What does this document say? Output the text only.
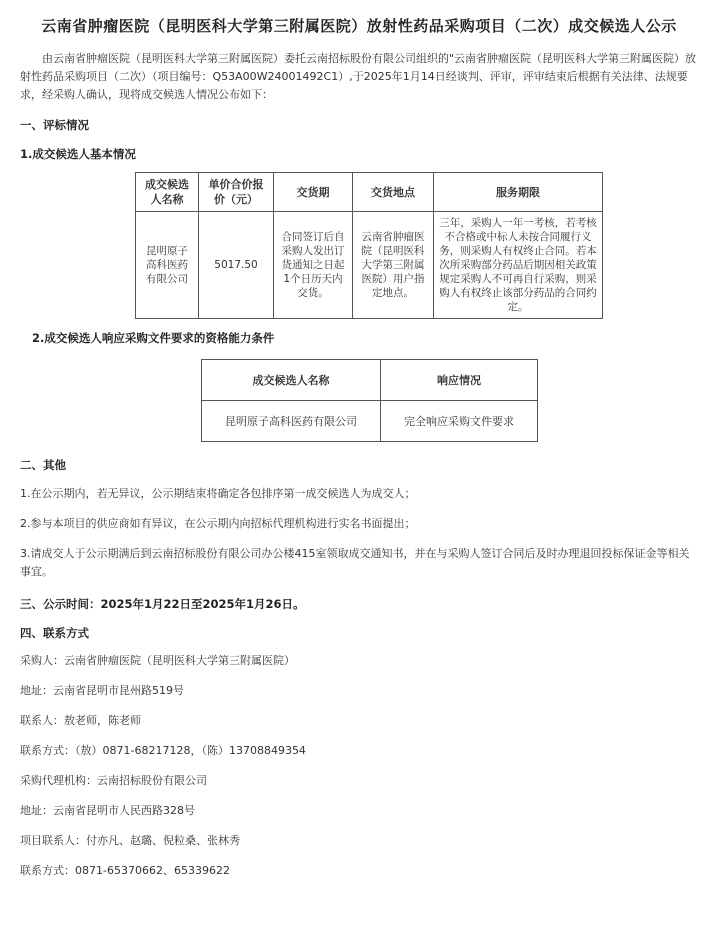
云南省肿瘤医院（昆明医科大学第三附属医院）放射性药品采购项目（二次）成交候选人公示

由云南省肿瘤医院（昆明医科大学第三附属医院）委托云南招标股份有限公司组织的"云南省肿瘤医院（昆明医科大学第三附属医院）放射性药品采购项目（二次）（项目编号：Q53A00W24001492C1）,于2025年1月14日经谈判、评审，评审结束后根据有关法律、法规要求，经采购人确认，现将成交候选人情况公布如下：

一、评标情况

1.成交候选人基本情况

成交候选人名称	单价合价报价（元）	交货期	交货地点	服务期限
昆明原子高科医药有限公司	5017.50	合同签订后自采购人发出订货通知之日起1个日历天内交货。	云南省肿瘤医院（昆明医科大学第三附属医院）用户指定地点。	三年，采购人一年一考核，若考核不合格或中标人未按合同履行义务，则采购人有权终止合同。若本次所采购部分药品后期因相关政策规定采购人不可再自行采购，则采购人有权终止该部分药品的合同约定。

2.成交候选人响应采购文件要求的资格能力条件

成交候选人名称	响应情况
昆明原子高科医药有限公司	完全响应采购文件要求

二、其他

1.在公示期内，若无异议，公示期结束将确定各包排序第一成交候选人为成交人；

2.参与本项目的供应商如有异议，在公示期内向招标代理机构进行实名书面提出；

3.请成交人于公示期满后到云南招标股份有限公司办公楼415室领取成交通知书，并在与采购人签订合同后及时办理退回投标保证金等相关事宜。

三、公示时间：2025年1月22日至2025年1月26日。

四、联系方式

采购人：云南省肿瘤医院（昆明医科大学第三附属医院）

地址：云南省昆明市昆州路519号

联系人：敖老师，陈老师

联系方式：（敖）0871-68217128，（陈）13708849354

采购代理机构：云南招标股份有限公司

地址：云南省昆明市人民西路328号

项目联系人：付亦凡、赵璐、倪粒桑、张林秀

联系方式：0871-65370662、65339622
